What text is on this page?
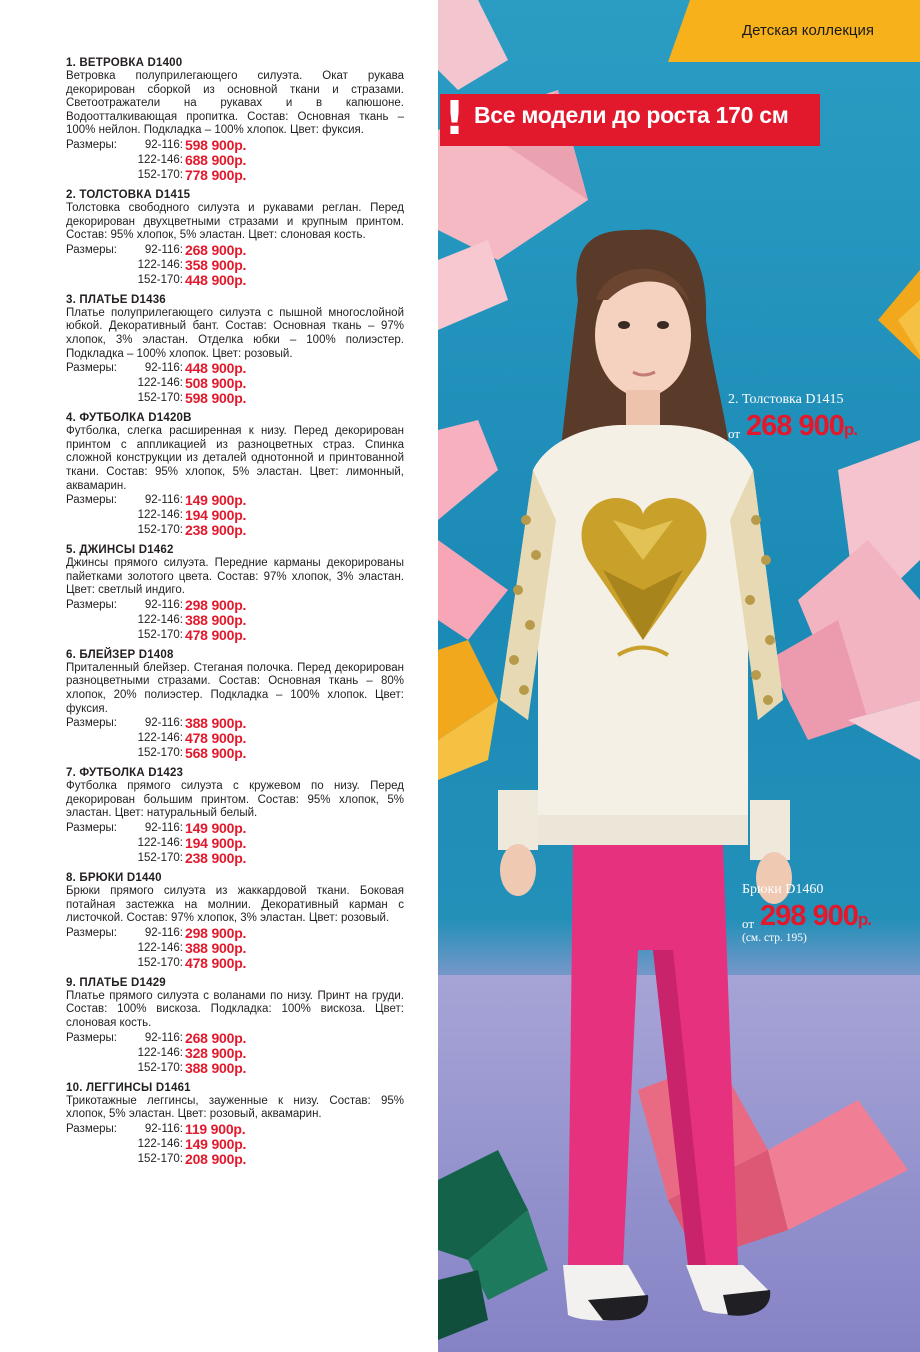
1. ВЕТРОВКА D1400
Ветровка полуприлегающего силуэта. Окат рукава декорирован сборкой из основной ткани и стразами. Светоотражатели на рукавах и в капюшоне. Водоотталкивающая пропитка. Состав: Основная ткань – 100% нейлон. Подкладка – 100% хлопок. Цвет: фуксия.
Размеры: 92-116: 598 900р.
122-146: 688 900р.
152-170: 778 900р.
2. ТОЛСТОВКА D1415
Толстовка свободного силуэта и рукавами реглан. Перед декорирован двухцветными стразами и крупным принтом. Состав: 95% хлопок, 5% эластан. Цвет: слоновая кость.
Размеры: 92-116: 268 900р.
122-146: 358 900р.
152-170: 448 900р.
3. ПЛАТЬЕ D1436
Платье полуприлегающего силуэта с пышной многослойной юбкой. Декоративный бант. Состав: Основная ткань – 97% хлопок, 3% эластан. Отделка юбки – 100% полиэстер. Подкладка – 100% хлопок. Цвет: розовый.
Размеры: 92-116: 448 900р.
122-146: 508 900р.
152-170: 598 900р.
4. ФУТБОЛКА D1420B
Футболка, слегка расширенная к низу. Перед декорирован принтом с аппликацией из разноцветных страз. Спинка сложной конструкции из деталей однотонной и принтованной ткани. Состав: 95% хлопок, 5% эластан. Цвет: лимонный, аквамарин.
Размеры: 92-116: 149 900р.
122-146: 194 900р.
152-170: 238 900р.
5. ДЖИНСЫ D1462
Джинсы прямого силуэта. Передние карманы декорированы пайетками золотого цвета. Состав: 97% хлопок, 3% эластан. Цвет: светлый индиго.
Размеры: 92-116: 298 900р.
122-146: 388 900р.
152-170: 478 900р.
6. БЛЕЙЗЕР D1408
Приталенный блейзер. Стеганая полочка. Перед декорирован разноцветными стразами. Состав: Основная ткань – 80% хлопок, 20% полиэстер. Подкладка – 100% хлопок. Цвет: фуксия.
Размеры: 92-116: 388 900р.
122-146: 478 900р.
152-170: 568 900р.
7. ФУТБОЛКА D1423
Футболка прямого силуэта с кружевом по низу. Перед декорирован большим принтом. Состав: 95% хлопок, 5% эластан. Цвет: натуральный белый.
Размеры: 92-116: 149 900р.
122-146: 194 900р.
152-170: 238 900р.
8. БРЮКИ D1440
Брюки прямого силуэта из жаккардовой ткани. Боковая потайная застежка на молнии. Декоративный карман с листочкой. Состав: 97% хлопок, 3% эластан. Цвет: розовый.
Размеры: 92-116: 298 900р.
122-146: 388 900р.
152-170: 478 900р.
9. ПЛАТЬЕ D1429
Платье прямого силуэта с воланами по низу. Принт на груди. Состав: 100% вискоза. Подкладка: 100% вискоза. Цвет: слоновая кость.
Размеры: 92-116: 268 900р.
122-146: 328 900р.
152-170: 388 900р.
10. ЛЕГГИНСЫ D1461
Трикотажные леггинсы, зауженные к низу. Состав: 95% хлопок, 5% эластан. Цвет: розовый, аквамарин.
Размеры: 92-116: 119 900р.
122-146: 149 900р.
152-170: 208 900р.
Детская коллекция
! Все модели до роста 170 см
2. Толстовка D1415
от 268 900р.
Брюки D1460
от 298 900р.
(см. стр. 195)
